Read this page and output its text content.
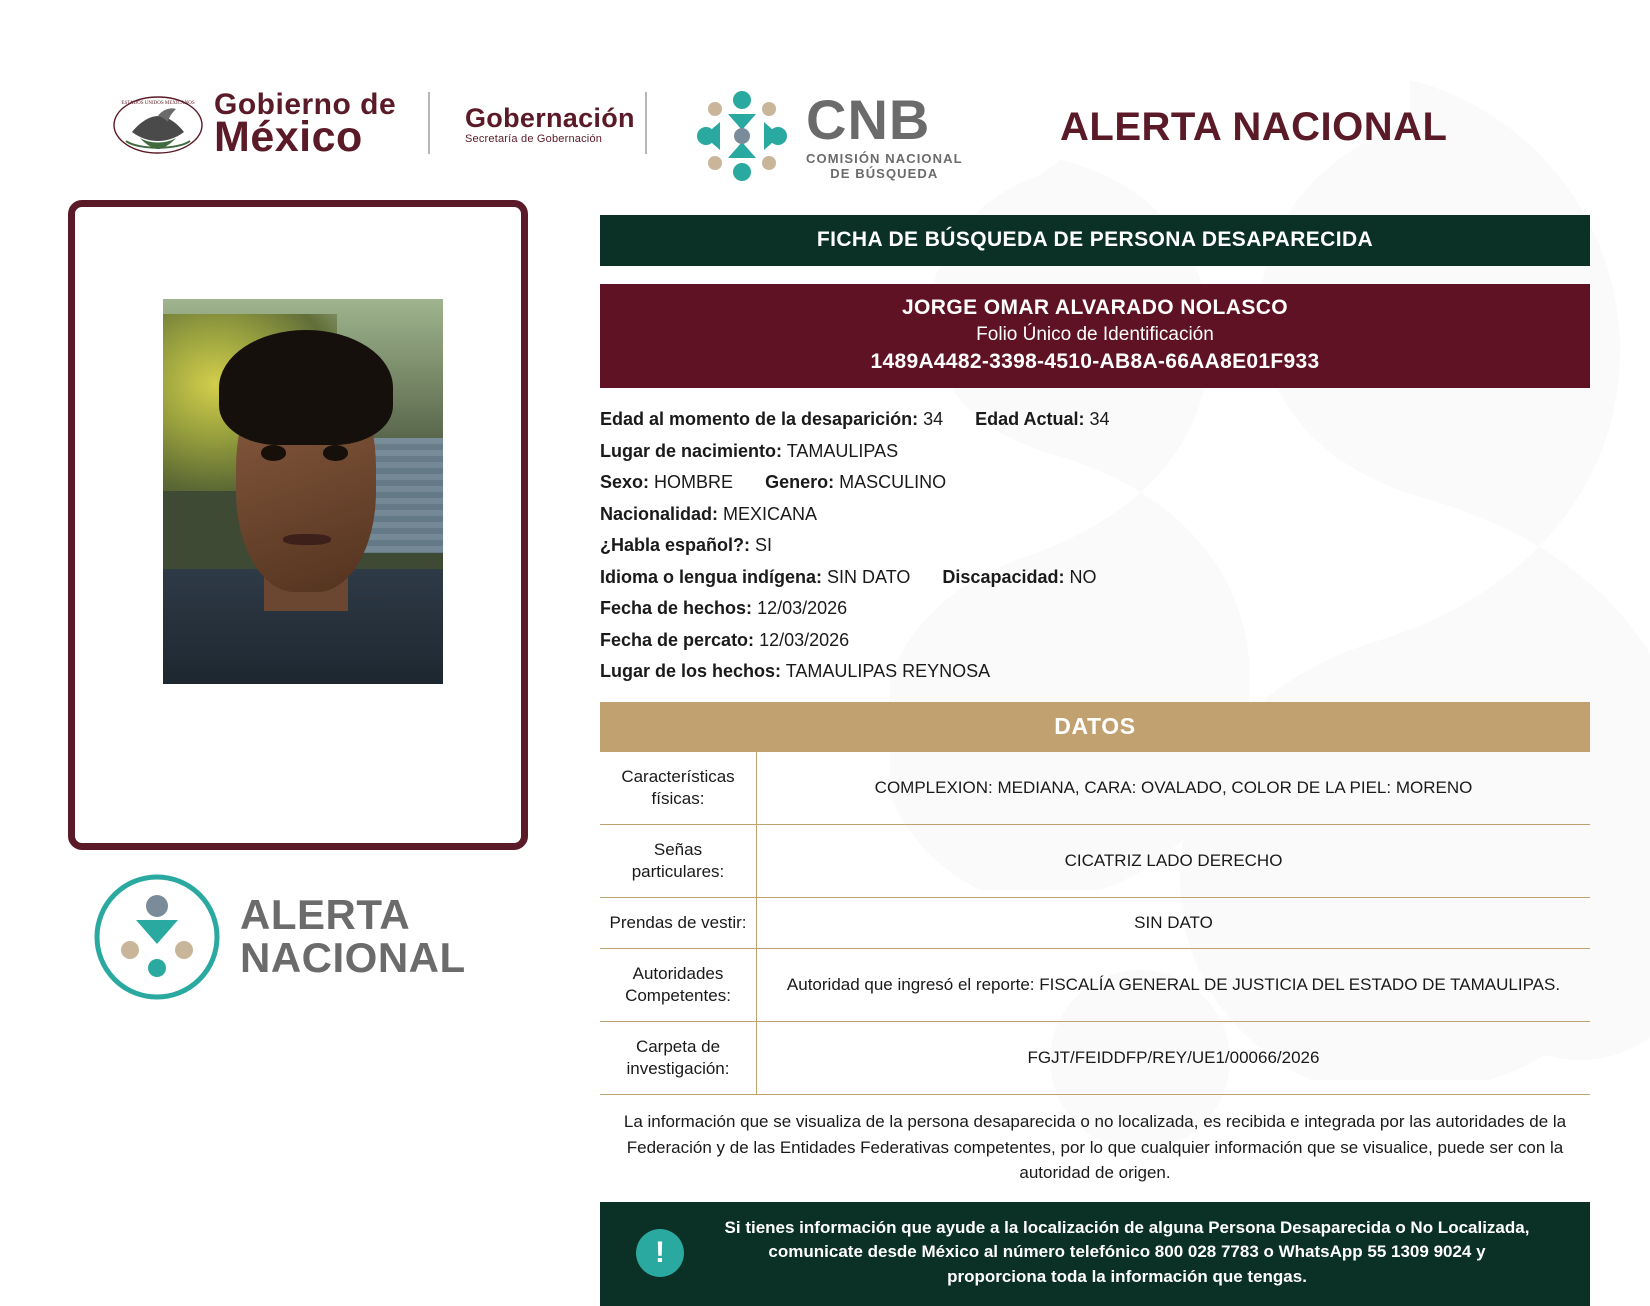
ESTADOS UNIDOS MEXICANOS Gobierno de
México	Gobernación
Secretaría de Gobernación	CNB
COMISIÓN NACIONAL
DE BÚSQUEDA
ALERTA NACIONAL
ALERTA
NACIONAL
FICHA DE BÚSQUEDA DE PERSONA DESAPARECIDA
JORGE OMAR ALVARADO NOLASCO
Folio Único de Identificación
1489A4482-3398-4510-AB8A-66AA8E01F933
Edad al momento de la desaparición: 34 Edad Actual: 34
Lugar de nacimiento: TAMAULIPAS
Sexo: HOMBRE Genero: MASCULINO
Nacionalidad: MEXICANA
¿Habla español?: SI
Idioma o lengua indígena: SIN DATO Discapacidad: NO
Fecha de hechos: 12/03/2026
Fecha de percato: 12/03/2026
Lugar de los hechos: TAMAULIPAS REYNOSA
DATOS
Características físicas:	COMPLEXION: MEDIANA, CARA: OVALADO, COLOR DE LA PIEL: MORENO
Señas particulares:	CICATRIZ LADO DERECHO
Prendas de vestir:	SIN DATO
Autoridades Competentes:	Autoridad que ingresó el reporte: FISCALÍA GENERAL DE JUSTICIA DEL ESTADO DE TAMAULIPAS.
Carpeta de investigación:	FGJT/FEIDDFP/REY/UE1/00066/2026
La información que se visualiza de la persona desaparecida o no localizada, es recibida e integrada por las autoridades de la Federación y de las Entidades Federativas competentes, por lo que cualquier información que se visualice, puede ser con la autoridad de origen.
!
Si tienes información que ayude a la localización de alguna Persona Desaparecida o No Localizada, comunicate desde México al número telefónico 800 028 7783 o WhatsApp 55 1309 9024 y proporciona toda la información que tengas.
